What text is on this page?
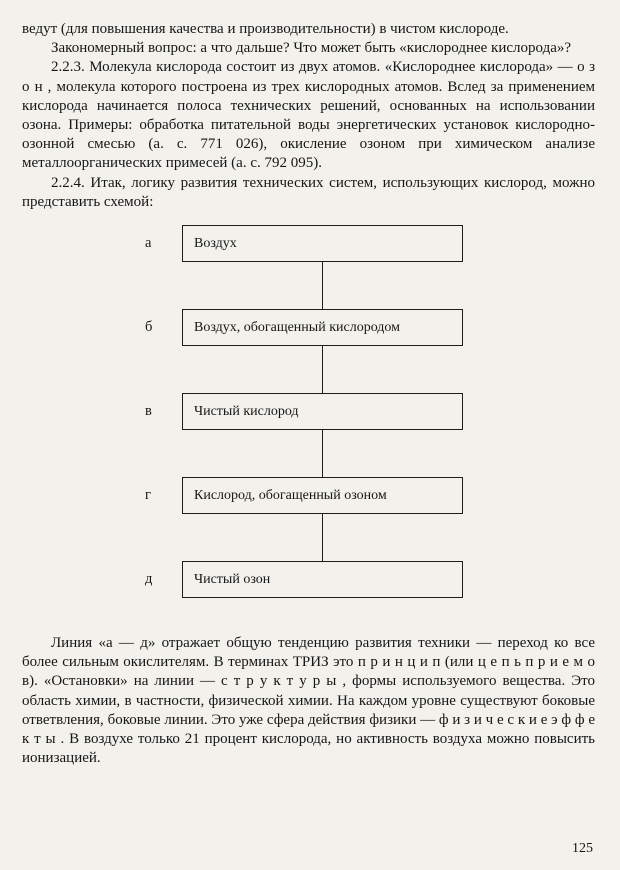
ведут (для повышения качества и производительности) в чистом кислороде.

Закономерный вопрос: а что дальше? Что может быть «кислороднее кислорода»?

2.2.3. Молекула кислорода состоит из двух атомов. «Кислороднее кислорода» — о з о н , молекула которого построена из трех кислородных атомов. Вслед за применением кислорода начинается полоса технических решений, основанных на использовании озона. Примеры: обработка питательной воды энергетических установок кислородно-озонной смесью (а. с. 771 026), окисление озоном при химическом анализе металлоорганических примесей (а. с. 792 095).

2.2.4. Итак, логику развития технических систем, использующих кислород, можно представить схемой:

а	Воздух
б	Воздух, обогащенный кислородом
в	Чистый кислород
г	Кислород, обогащенный озоном
д	Чистый озон

Линия «а — д» отражает общую тенденцию развития техники — переход ко все более сильным окислителям. В терминах ТРИЗ это п р и н ц и п (или ц е п ь п р и е м о в). «Остановки» на линии — с т р у к т у р ы , формы используемого вещества. Это область химии, в частности, физической химии. На каждом уровне существуют боковые ответвления, боковые линии. Это уже сфера действия физики — ф и з и ч е с к и е э ф ф е к т ы . В воздухе только 21 процент кислорода, но активность воздуха можно повысить ионизацией.

125
